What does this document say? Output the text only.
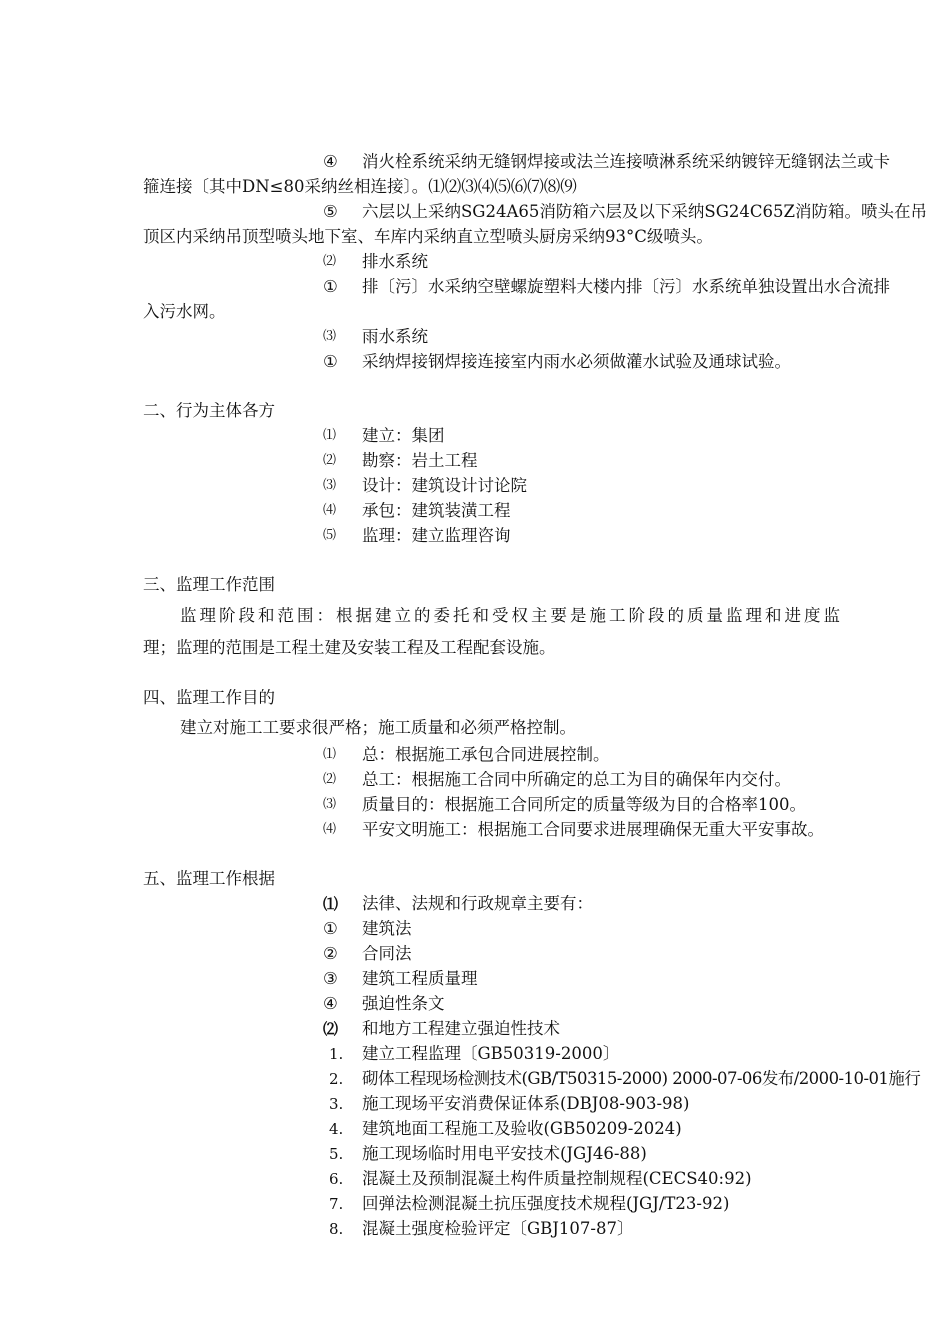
④	消火栓系统采纳无缝钢焊接或法兰连接喷淋系统采纳镀锌无缝钢法兰或卡
箍连接〔其中DN≤80采纳丝相连接〕。⑴⑵⑶⑷⑸⑹⑺⑻⑼
⑤	六层以上采纳SG24A65消防箱六层及以下采纳SG24C65Z消防箱。喷头在吊
顶区内采纳吊顶型喷头地下室、车库内采纳直立型喷头厨房采纳93°C级喷头。
⑵	排水系统
①	排〔污〕水采纳空壁螺旋塑料大楼内排〔污〕水系统单独设置出水合流排
入污水网。
⑶	雨水系统
①	采纳焊接钢焊接连接室内雨水必须做灌水试验及通球试验。
二、行为主体各方
⑴	建立：集团
⑵	勘察：岩土工程
⑶	设计：建筑设计讨论院
⑷	承包：建筑装潢工程
⑸	监理：建立监理咨询
三、监理工作范围
监理阶段和范围：根据建立的委托和受权主要是施工阶段的质量监理和进度监
理；监理的范围是工程土建及安装工程及工程配套设施。
四、监理工作目的
建立对施工工要求很严格；施工质量和必须严格控制。
⑴	总：根据施工承包合同进展控制。
⑵	总工：根据施工合同中所确定的总工为目的确保年内交付。
⑶	质量目的：根据施工合同所定的质量等级为目的合格率100。
⑷	平安文明施工：根据施工合同要求进展理确保无重大平安事故。
五、监理工作根据
⑴	法律、法规和行政规章主要有：
①	建筑法
②	合同法
③	建筑工程质量理
④	强迫性条文
⑵	和地方工程建立强迫性技术
1.	建立工程监理〔GB50319-2000〕
2.	砌体工程现场检测技术(GB/T50315-2000) 2000-07-06发布/2000-10-01施行
3.	施工现场平安消费保证体系(DBJ08-903-98)
4.	建筑地面工程施工及验收(GB50209-2024)
5.	施工现场临时用电平安技术(JGJ46-88)
6.	混凝土及预制混凝土构件质量控制规程(CECS40:92)
7.	回弹法检测混凝土抗压强度技术规程(JGJ/T23-92)
8.	混凝土强度检验评定〔GBJ107-87〕
